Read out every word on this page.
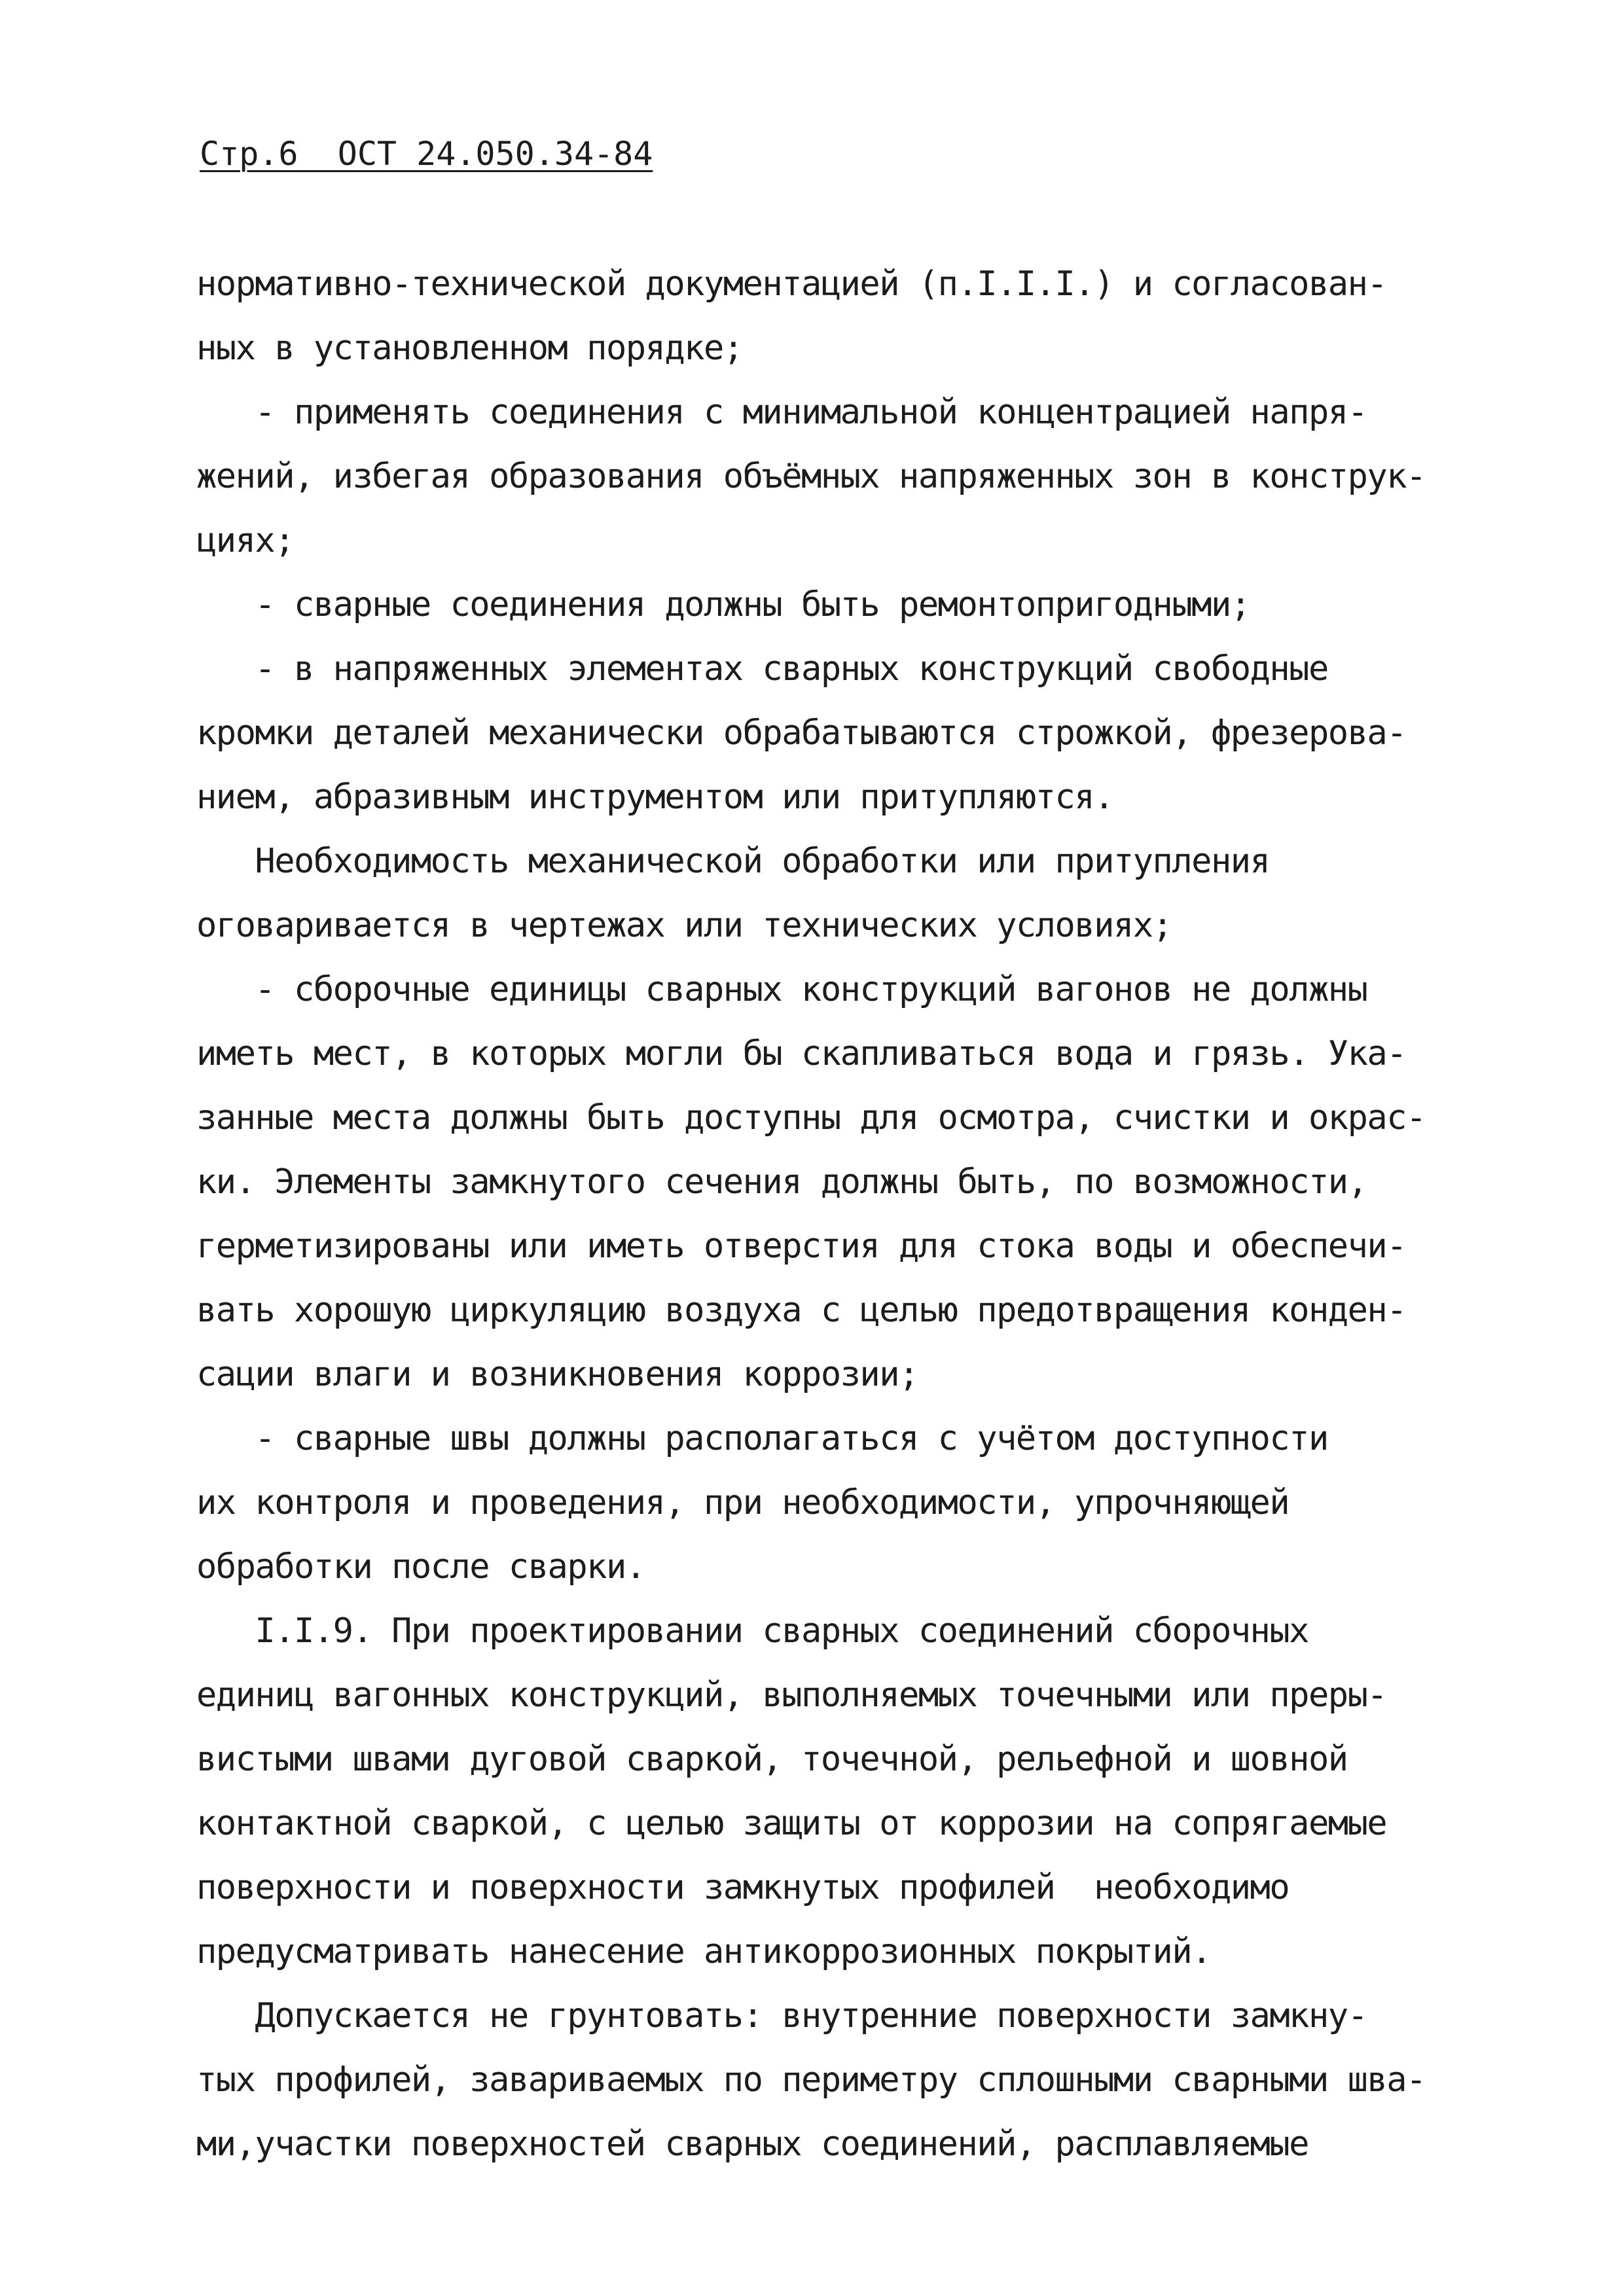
Стр.6  ОСТ 24.050.34-84
нормативно-технической документацией (п.I.I.I.) и согласован-
ных в установленном порядке;
- применять соединения с минимальной концентрацией напря-
жений, избегая образования объёмных напряженных зон в конструк-
циях;
- сварные соединения должны быть ремонтопригодными;
- в напряженных элементах сварных конструкций свободные
кромки деталей механически обрабатываются строжкой, фрезерова-
нием, абразивным инструментом или притупляются.
Необходимость механической обработки или притупления
оговаривается в чертежах или технических условиях;
- сборочные единицы сварных конструкций вагонов не должны
иметь мест, в которых могли бы скапливаться вода и грязь. Ука-
занные места должны быть доступны для осмотра, счистки и окрас-
ки. Элементы замкнутого сечения должны быть, по возможности,
герметизированы или иметь отверстия для стока воды и обеспечи-
вать хорошую циркуляцию воздуха с целью предотвращения конден-
сации влаги и возникновения коррозии;
- сварные швы должны располагаться с учётом доступности
их контроля и проведения, при необходимости, упрочняющей
обработки после сварки.
I.I.9. При проектировании сварных соединений сборочных
единиц вагонных конструкций, выполняемых точечными или преры-
вистыми швами дуговой сваркой, точечной, рельефной и шовной
контактной сваркой, с целью защиты от коррозии на сопрягаемые
поверхности и поверхности замкнутых профилей  необходимо
предусматривать нанесение антикоррозионных покрытий.
Допускается не грунтовать: внутренние поверхности замкну-
тых профилей, завариваемых по периметру сплошными сварными шва-
ми,участки поверхностей сварных соединений, расплавляемые
